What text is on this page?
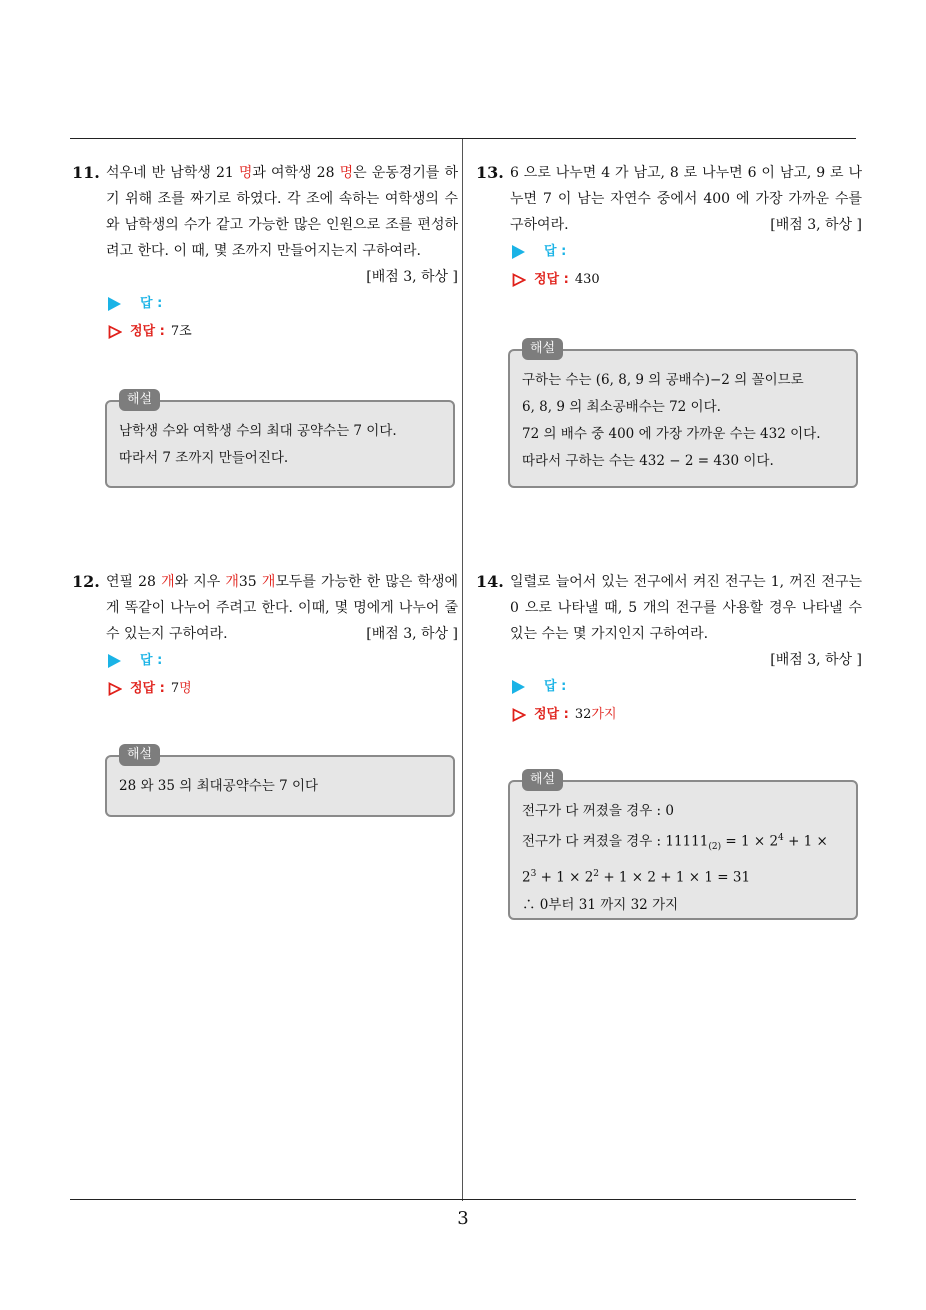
3
11. 석우네 반 남학생 21 명과 여학생 28 명은 운동경기를 하기 위해 조를 짜기로 하였다. 각 조에 속하는 여학생의 수와 남학생의 수가 같고 가능한 많은 인원으로 조를 편성하려고 한다. 이 때, 몇 조까지 만들어지는지 구하여라.
[배점 3, 하상 ]
답 :
정답 : 7조
해설
남학생 수와 여학생 수의 최대 공약수는 7 이다.
따라서 7 조까지 만들어진다.
12. 연필 28 개와 지우 개35 개모두를 가능한 한 많은 학생에게 똑같이 나누어 주려고 한다. 이때, 몇 명에게 나누어 줄 수 있는지 구하여라.	[배점 3, 하상 ]
답 :
정답 : 7명
해설
28 와 35 의 최대공약수는 7 이다
13. 6 으로 나누면 4 가 남고, 8 로 나누면 6 이 남고, 9 로 나누면 7 이 남는 자연수 중에서 400 에 가장 가까운 수를 구하여라.	[배점 3, 하상 ]
답 :
정답 : 430
해설
구하는 수는 (6, 8, 9 의 공배수)−2 의 꼴이므로
6, 8, 9 의 최소공배수는 72 이다.
72 의 배수 중 400 에 가장 가까운 수는 432 이다.
따라서 구하는 수는 432 − 2 = 430 이다.
14. 일렬로 늘어서 있는 전구에서 켜진 전구는 1, 꺼진 전구는 0 으로 나타낼 때, 5 개의 전구를 사용할 경우 나타낼 수 있는 수는 몇 가지인지 구하여라.
[배점 3, 하상 ]
답 :
정답 : 32가지
해설
전구가 다 꺼졌을 경우 : 0
전구가 다 켜졌을 경우 : $11111_{(2)} = 1 \times 2^4 + 1$ ×
$2^3 + 1 \times 2^2 + 1 \times 2 + 1 \times 1 = 31$
∴ 0부터 31 까지 32 가지
